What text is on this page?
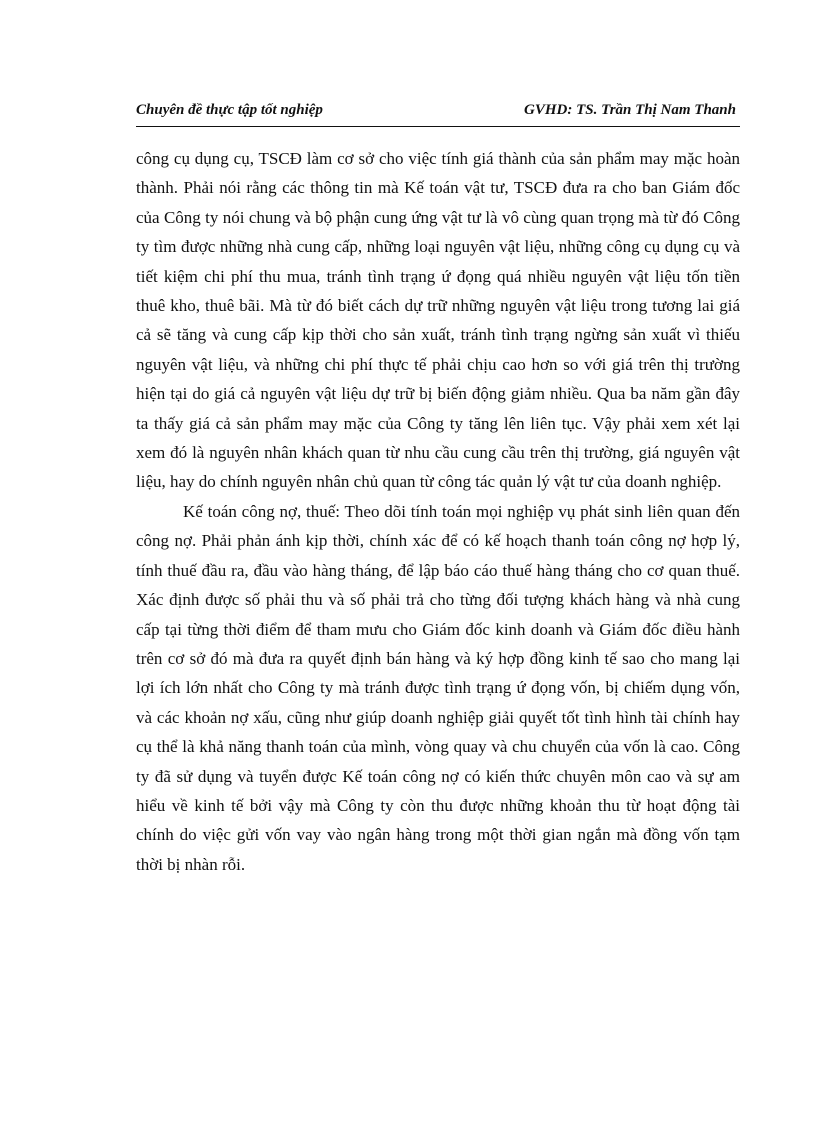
Chuyên đề thực tập tốt nghiệp	GVHD: TS. Trần Thị Nam Thanh

công cụ dụng cụ, TSCĐ làm cơ sở cho việc tính giá thành của sản phẩm may mặc hoàn thành. Phải nói rằng các thông tin mà Kế toán vật tư, TSCĐ đưa ra cho ban Giám đốc của Công ty nói chung và bộ phận cung ứng vật tư là vô cùng quan trọng mà từ đó Công ty tìm được những nhà cung cấp, những loại nguyên vật liệu, những công cụ dụng cụ và tiết kiệm chi phí thu mua, tránh tình trạng ứ đọng quá nhiều nguyên vật liệu tốn tiền thuê kho, thuê bãi. Mà từ đó biết cách dự trữ những nguyên vật liệu trong tương lai giá cả sẽ tăng và cung cấp kịp thời cho sản xuất, tránh tình trạng ngừng sản xuất vì thiếu nguyên vật liệu, và những chi phí thực tế phải chịu cao hơn so với giá trên thị trường hiện tại do giá cả nguyên vật liệu dự trữ bị biến động giảm nhiều. Qua ba năm gần đây ta thấy giá cả sản phẩm may mặc của Công ty tăng lên liên tục. Vậy phải xem xét lại xem đó là nguyên nhân khách quan từ nhu cầu cung cầu trên thị trường, giá nguyên vật liệu, hay do chính nguyên nhân chủ quan từ công tác quản lý vật tư của doanh nghiệp.

Kế toán công nợ, thuế: Theo dõi tính toán mọi nghiệp vụ phát sinh liên quan đến công nợ. Phải phản ánh kịp thời, chính xác để có kế hoạch thanh toán công nợ hợp lý, tính thuế đầu ra, đầu vào hàng tháng, để lập báo cáo thuế hàng tháng cho cơ quan thuế. Xác định được số phải thu và số phải trả cho từng đối tượng khách hàng và nhà cung cấp tại từng thời điểm để tham mưu cho Giám đốc kinh doanh và Giám đốc điều hành trên cơ sở đó mà đưa ra quyết định bán hàng và ký hợp đồng kinh tế sao cho mang lại lợi ích lớn nhất cho Công ty mà tránh được tình trạng ứ đọng vốn, bị chiếm dụng vốn, và các khoản nợ xấu, cũng như giúp doanh nghiệp giải quyết tốt tình hình tài chính hay cụ thể là khả năng thanh toán của mình, vòng quay và chu chuyển của vốn là cao. Công ty đã sử dụng và tuyển được Kế toán công nợ có kiến thức chuyên môn cao và sự am hiểu về kinh tế bởi vậy mà Công ty còn thu được những khoản thu từ hoạt động tài chính do việc gửi vốn vay vào ngân hàng trong một thời gian ngắn mà đồng vốn tạm thời bị nhàn rỗi.
